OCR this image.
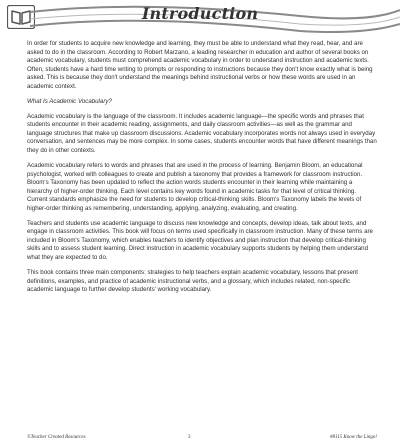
Introduction

In order for students to acquire new knowledge and learning, they must be able to understand what they read, hear, and are asked to do in the classroom. According to Robert Marzano, a leading researcher in education and author of several books on academic vocabulary, students must comprehend academic vocabulary in order to understand instruction and academic texts. Often, students have a hard time writing to prompts or responding to instructions because they don't know exactly what is being asked. This is because they don't understand the meanings behind instructional verbs or how these words are used in an academic context.

What Is Academic Vocabulary?

Academic vocabulary is the language of the classroom. It includes academic language—the specific words and phrases that students encounter in their academic reading, assignments, and daily classroom activities—as well as the grammar and language structures that make up classroom discussions. Academic vocabulary incorporates words not always used in everyday conversation, and sentences may be more complex. In some cases, students encounter words that have different meanings than they do in other contexts.

Academic vocabulary refers to words and phrases that are used in the process of learning. Benjamin Bloom, an educational psychologist, worked with colleagues to create and publish a taxonomy that provides a framework for classroom instruction. Bloom's Taxonomy has been updated to reflect the action words students encounter in their learning while maintaining a hierarchy of higher-order thinking. Each level contains key words found in academic tasks for that level of critical thinking. Current standards emphasize the need for students to develop critical-thinking skills. Bloom's Taxonomy labels the levels of higher-order thinking as remembering, understanding, applying, analyzing, evaluating, and creating.

Teachers and students use academic language to discuss new knowledge and concepts, develop ideas, talk about texts, and engage in classroom activities. This book will focus on terms used specifically in classroom instruction. Many of these terms are included in Bloom's Taxonomy, which enables teachers to identify objectives and plan instruction that develop critical-thinking skills and to assess student learning. Direct instruction in academic vocabulary supports students by helping them understand what they are expected to do.

This book contains three main components: strategies to help teachers explain academic vocabulary, lessons that present definitions, examples, and practice of academic instructional verbs, and a glossary, which includes related, non-specific academic language to further develop students' working vocabulary.

©Teacher Created Resources	3	#8115 Know the Lingo!
